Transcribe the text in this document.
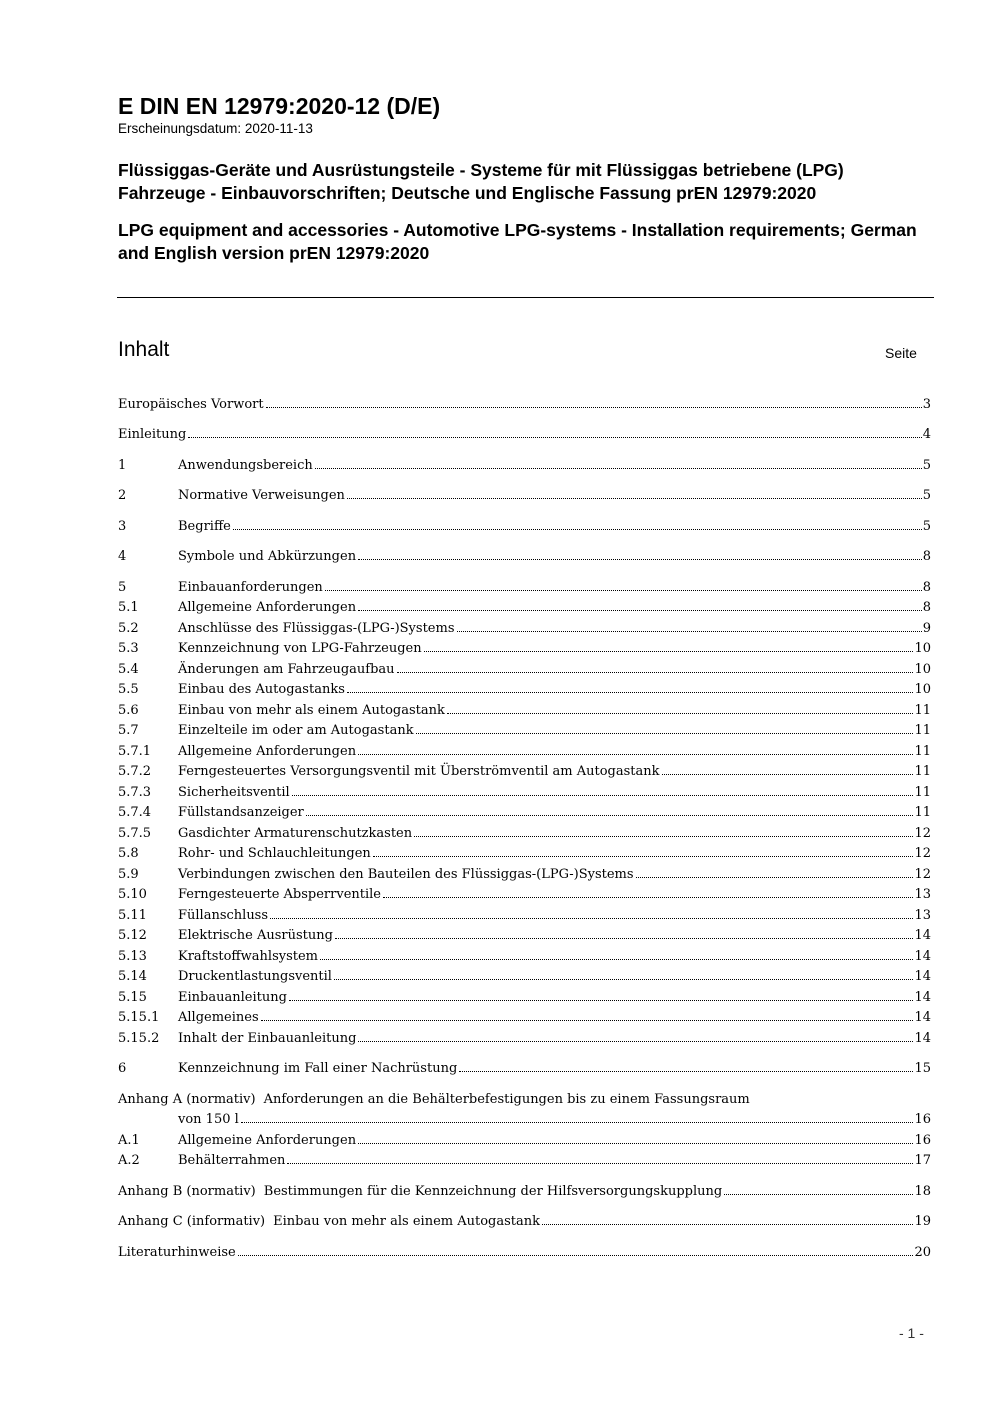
E DIN EN 12979:2020-12 (D/E)

Erscheinungsdatum: 2020-11-13

Flüssiggas-Geräte und Ausrüstungsteile - Systeme für mit Flüssiggas betriebene (LPG) Fahrzeuge - Einbauvorschriften; Deutsche und Englische Fassung prEN 12979:2020
LPG equipment and accessories - Automotive LPG-systems - Installation requirements; German and English version prEN 12979:2020
Inhalt	Seite
Europäisches Vorwort	3
Einleitung	4
1	Anwendungsbereich	5
2	Normative Verweisungen	5
3	Begriffe	5
4	Symbole und Abkürzungen	8
5	Einbauanforderungen	8
5.1	Allgemeine Anforderungen	8
5.2	Anschlüsse des Flüssiggas-(LPG-)Systems	9
5.3	Kennzeichnung von LPG-Fahrzeugen	10
5.4	Änderungen am Fahrzeugaufbau	10
5.5	Einbau des Autogastanks	10
5.6	Einbau von mehr als einem Autogastank	11
5.7	Einzelteile im oder am Autogastank	11
5.7.1	Allgemeine Anforderungen	11
5.7.2	Ferngesteuertes Versorgungsventil mit Überströmventil am Autogastank	11
5.7.3	Sicherheitsventil	11
5.7.4	Füllstandsanzeiger	11
5.7.5	Gasdichter Armaturenschutzkasten	12
5.8	Rohr- und Schlauchleitungen	12
5.9	Verbindungen zwischen den Bauteilen des Flüssiggas-(LPG-)Systems	12
5.10	Ferngesteuerte Absperrventile	13
5.11	Füllanschluss	13
5.12	Elektrische Ausrüstung	14
5.13	Kraftstoffwahlsystem	14
5.14	Druckentlastungsventil	14
5.15	Einbauanleitung	14
5.15.1	Allgemeines	14
5.15.2	Inhalt der Einbauanleitung	14
6	Kennzeichnung im Fall einer Nachrüstung	15
Anhang A (normativ) Anforderungen an die Behälterbefestigungen bis zu einem Fassungsraum
von 150 l	16
A.1	Allgemeine Anforderungen	16
A.2	Behälterrahmen	17
Anhang B (normativ) Bestimmungen für die Kennzeichnung der Hilfsversorgungskupplung	18
Anhang C (informativ) Einbau von mehr als einem Autogastank	19
Literaturhinweise	20
- 1 -
